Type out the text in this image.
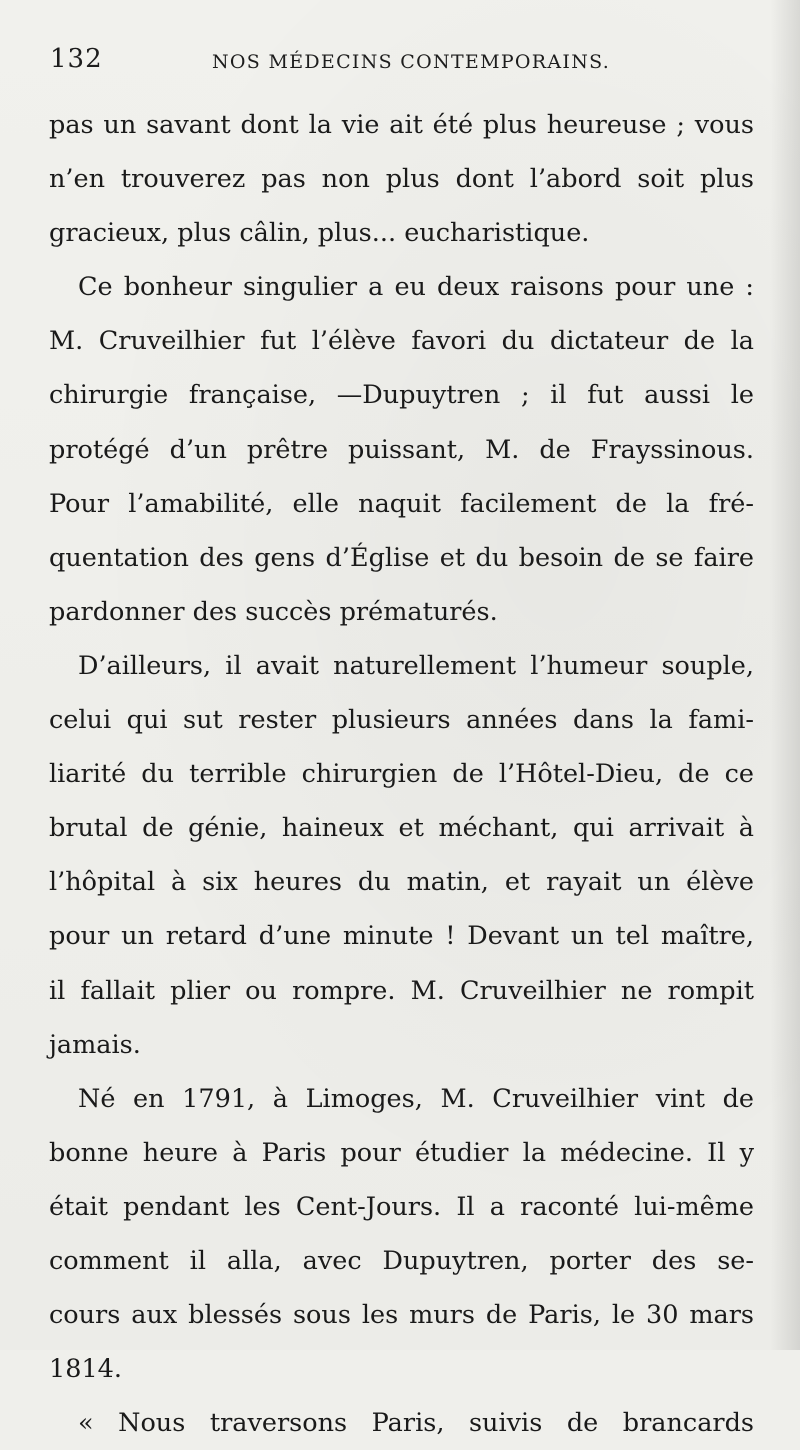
132	NOS MÉDECINS CONTEMPORAINS.
pas un savant dont la vie ait été plus heureuse ; vous
n’en trouverez pas non plus dont l’abord soit plus
gracieux, plus câlin, plus... eucharistique.
Ce bonheur singulier a eu deux raisons pour une :
M. Cruveilhier fut l’élève favori du dictateur de la
chirurgie française, —Dupuytren ; il fut aussi le
protégé d’un prêtre puissant, M. de Frayssinous.
Pour l’amabilité, elle naquit facilement de la fré-
quentation des gens d’Église et du besoin de se faire
pardonner des succès prématurés.
D’ailleurs, il avait naturellement l’humeur souple,
celui qui sut rester plusieurs années dans la fami-
liarité du terrible chirurgien de l’Hôtel-Dieu, de ce
brutal de génie, haineux et méchant, qui arrivait à
l’hôpital à six heures du matin, et rayait un élève
pour un retard d’une minute ! Devant un tel maître,
il fallait plier ou rompre. M. Cruveilhier ne rompit
jamais.
Né en 1791, à Limoges, M. Cruveilhier vint de
bonne heure à Paris pour étudier la médecine. Il y
était pendant les Cent-Jours. Il a raconté lui-même
comment il alla, avec Dupuytren, porter des se-
cours aux blessés sous les murs de Paris, le 30 mars
1814.
« Nous traversons Paris, suivis de brancards
